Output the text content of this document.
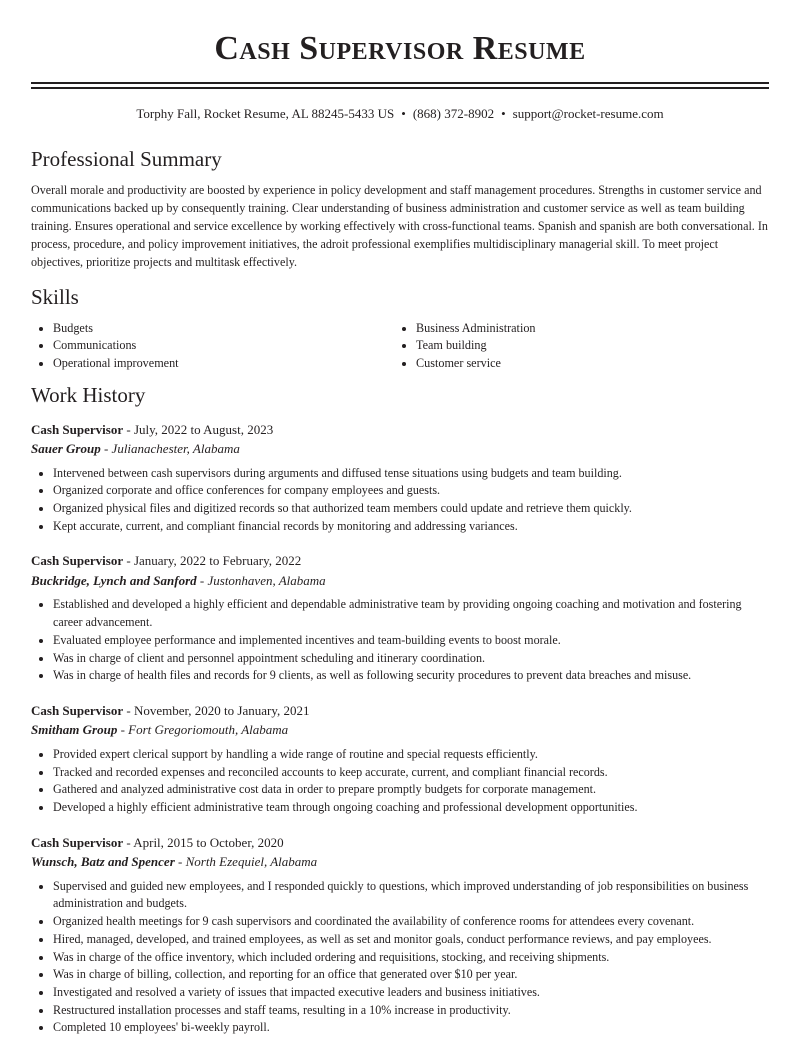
Cash Supervisor Resume
Torphy Fall, Rocket Resume, AL 88245-5433 US • (868) 372-8902 • support@rocket-resume.com
Professional Summary

Overall morale and productivity are boosted by experience in policy development and staff management procedures. Strengths in customer service and communications backed up by consequently training. Clear understanding of business administration and customer service as well as team building training. Ensures operational and service excellence by working effectively with cross-functional teams. Spanish and spanish are both conversational. In process, procedure, and policy improvement initiatives, the adroit professional exemplifies multidisciplinary managerial skill. To meet project objectives, prioritize projects and multitask effectively.

Skills
• Budgets
• Communications
• Operational improvement
• Business Administration
• Team building
• Customer service
Work History
Cash Supervisor - July, 2022 to August, 2023
Sauer Group - Julianachester, Alabama
• Intervened between cash supervisors during arguments and diffused tense situations using budgets and team building.
• Organized corporate and office conferences for company employees and guests.
• Organized physical files and digitized records so that authorized team members could update and retrieve them quickly.
• Kept accurate, current, and compliant financial records by monitoring and addressing variances.
Cash Supervisor - January, 2022 to February, 2022
Buckridge, Lynch and Sanford - Justonhaven, Alabama
• Established and developed a highly efficient and dependable administrative team by providing ongoing coaching and motivation and fostering career advancement.
• Evaluated employee performance and implemented incentives and team-building events to boost morale.
• Was in charge of client and personnel appointment scheduling and itinerary coordination.
• Was in charge of health files and records for 9 clients, as well as following security procedures to prevent data breaches and misuse.
Cash Supervisor - November, 2020 to January, 2021
Smitham Group - Fort Gregoriomouth, Alabama
• Provided expert clerical support by handling a wide range of routine and special requests efficiently.
• Tracked and recorded expenses and reconciled accounts to keep accurate, current, and compliant financial records.
• Gathered and analyzed administrative cost data in order to prepare promptly budgets for corporate management.
• Developed a highly efficient administrative team through ongoing coaching and professional development opportunities.
Cash Supervisor - April, 2015 to October, 2020
Wunsch, Batz and Spencer - North Ezequiel, Alabama
• Supervised and guided new employees, and I responded quickly to questions, which improved understanding of job responsibilities on business administration and budgets.
• Organized health meetings for 9 cash supervisors and coordinated the availability of conference rooms for attendees every covenant.
• Hired, managed, developed, and trained employees, as well as set and monitor goals, conduct performance reviews, and pay employees.
• Was in charge of the office inventory, which included ordering and requisitions, stocking, and receiving shipments.
• Was in charge of billing, collection, and reporting for an office that generated over $10 per year.
• Investigated and resolved a variety of issues that impacted executive leaders and business initiatives.
• Restructured installation processes and staff teams, resulting in a 10% increase in productivity.
• Completed 10 employees' bi-weekly payroll.
